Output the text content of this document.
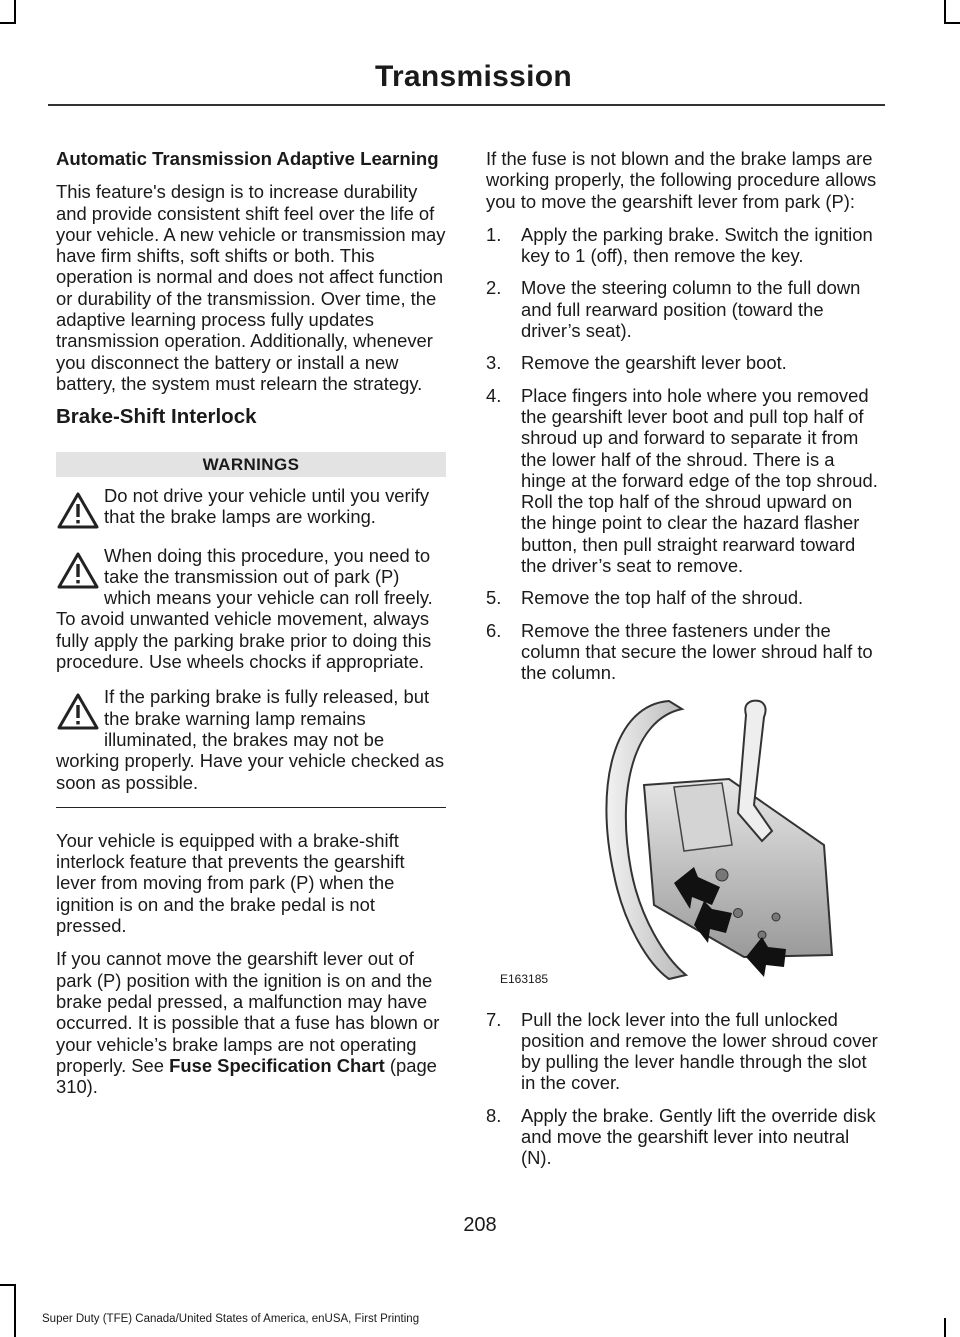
Transmission
Automatic Transmission Adaptive Learning

This feature's design is to increase durability and provide consistent shift feel over the life of your vehicle. A new vehicle or transmission may have firm shifts, soft shifts or both. This operation is normal and does not affect function or durability of the transmission. Over time, the adaptive learning process fully updates transmission operation. Additionally, whenever you disconnect the battery or install a new battery, the system must relearn the strategy.

Brake-Shift Interlock
WARNINGS
Do not drive your vehicle until you verify that the brake lamps are working.
When doing this procedure, you need to take the transmission out of park (P) which means your vehicle can roll freely. To avoid unwanted vehicle movement, always fully apply the parking brake prior to doing this procedure. Use wheels chocks if appropriate.
If the parking brake is fully released, but the brake warning lamp remains illuminated, the brakes may not be working properly. Have your vehicle checked as soon as possible.

Your vehicle is equipped with a brake-shift interlock feature that prevents the gearshift lever from moving from park (P) when the ignition is on and the brake pedal is not pressed.

If you cannot move the gearshift lever out of park (P) position with the ignition is on and the brake pedal pressed, a malfunction may have occurred. It is possible that a fuse has blown or your vehicle’s brake lamps are not operating properly. See Fuse Specification Chart (page 310).

If the fuse is not blown and the brake lamps are working properly, the following procedure allows you to move the gearshift lever from park (P):

1. Apply the parking brake. Switch the ignition key to 1 (off), then remove the key.
2. Move the steering column to the full down and full rearward position (toward the driver’s seat).
3. Remove the gearshift lever boot.
4. Place fingers into hole where you removed the gearshift lever boot and pull top half of shroud up and forward to separate it from the lower half of the shroud. There is a hinge at the forward edge of the top shroud. Roll the top half of the shroud upward on the hinge point to clear the hazard flasher button, then pull straight rearward toward the driver’s seat to remove.
5. Remove the top half of the shroud.
6. Remove the three fasteners under the column that secure the lower shroud half to the column.
E163185
7. Pull the lock lever into the full unlocked position and remove the lower shroud cover by pulling the lever handle through the slot in the cover.
8. Apply the brake. Gently lift the override disk and move the gearshift lever into neutral (N).
208
Super Duty (TFE) Canada/United States of America, enUSA, First Printing
